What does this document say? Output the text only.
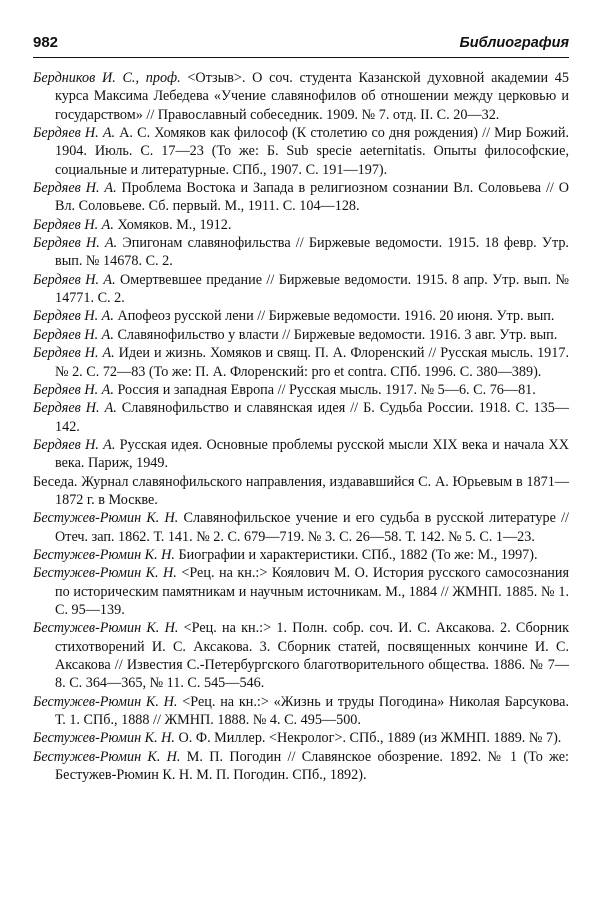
982	Библиография

Бердников И. С., проф. <Отзыв>. О соч. студента Казанской духовной академии 45 курса Максима Лебедева «Учение славянофилов об отношении между церковью и государством» // Православный собеседник. 1909. № 7. отд. II. С. 20—32.

Бердяев Н. А. А. С. Хомяков как философ (К столетию со дня рождения) // Мир Божий. 1904. Июль. С. 17—23 (То же: Б. Sub specie aeternitatis. Опыты философские, социальные и литературные. СПб., 1907. С. 191—197).

Бердяев Н. А. Проблема Востока и Запада в религиозном сознании Вл. Соловьева // О Вл. Соловьеве. Сб. первый. М., 1911. С. 104—128.

Бердяев Н. А. Хомяков. М., 1912.

Бердяев Н. А. Эпигонам славянофильства // Биржевые ведомости. 1915. 18 февр. Утр. вып. № 14678. С. 2.

Бердяев Н. А. Омертвевшее предание // Биржевые ведомости. 1915. 8 апр. Утр. вып. № 14771. С. 2.

Бердяев Н. А. Апофеоз русской лени // Биржевые ведомости. 1916. 20 июня. Утр. вып.

Бердяев Н. А. Славянофильство у власти // Биржевые ведомости. 1916. 3 авг. Утр. вып.

Бердяев Н. А. Идеи и жизнь. Хомяков и свящ. П. А. Флоренский // Русская мысль. 1917. № 2. С. 72—83 (То же: П. А. Флоренский: pro et contra. СПб. 1996. С. 380—389).

Бердяев Н. А. Россия и западная Европа // Русская мысль. 1917. № 5—6. С. 76—81.

Бердяев Н. А. Славянофильство и славянская идея // Б. Судьба России. 1918. С. 135—142.

Бердяев Н. А. Русская идея. Основные проблемы русской мысли XIX века и начала XX века. Париж, 1949.

Беседа. Журнал славянофильского направления, издававшийся С. А. Юрьевым в 1871—1872 г. в Москве.

Бестужев-Рюмин К. Н. Славянофильское учение и его судьба в русской литературе // Отеч. зап. 1862. Т. 141. № 2. С. 679—719. № 3. С. 26—58. Т. 142. № 5. С. 1—23.

Бестужев-Рюмин К. Н. Биографии и характеристики. СПб., 1882 (То же: М., 1997).

Бестужев-Рюмин К. Н. <Рец. на кн.:> Коялович М. О. История русского самосознания по историческим памятникам и научным источникам. М., 1884 // ЖМНП. 1885. № 1. С. 95—139.

Бестужев-Рюмин К. Н. <Рец. на кн.:> 1. Полн. собр. соч. И. С. Аксакова. 2. Сборник стихотворений И. С. Аксакова. 3. Сборник статей, посвященных кончине И. С. Аксакова // Известия С.-Петербургского благотворительного общества. 1886. № 7—8. С. 364—365, № 11. С. 545—546.

Бестужев-Рюмин К. Н. <Рец. на кн.:> «Жизнь и труды Погодина» Николая Барсукова. Т. 1. СПб., 1888 // ЖМНП. 1888. № 4. С. 495—500.

Бестужев-Рюмин К. Н. О. Ф. Миллер. <Некролог>. СПб., 1889 (из ЖМНП. 1889. № 7).

Бестужев-Рюмин К. Н. М. П. Погодин // Славянское обозрение. 1892. № 1 (То же: Бестужев-Рюмин К. Н. М. П. Погодин. СПб., 1892).
